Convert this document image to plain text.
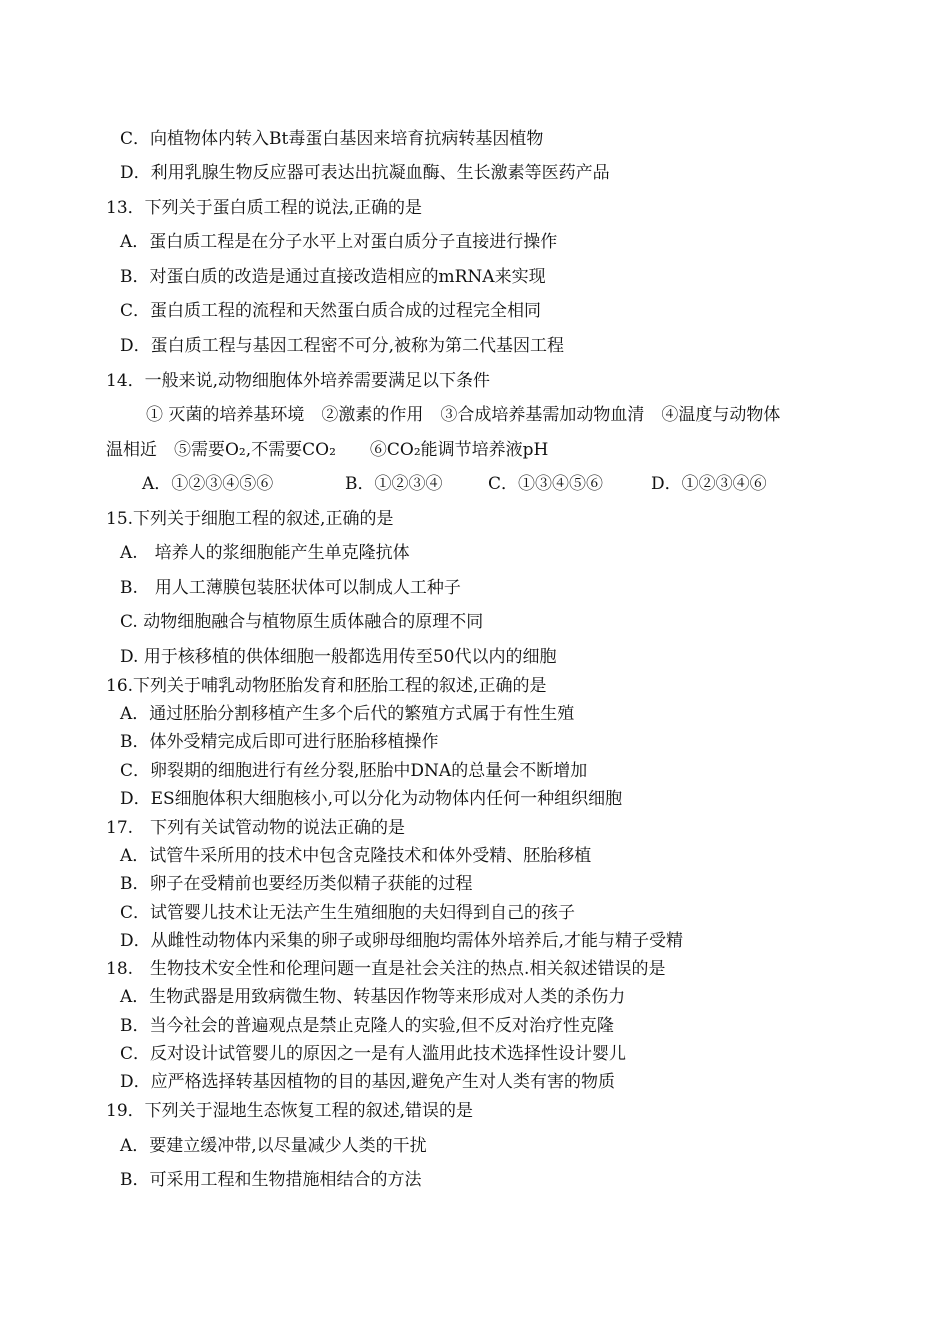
C．向植物体内转入Bt毒蛋白基因来培育抗病转基因植物
D．利用乳腺生物反应器可表达出抗凝血酶、生长激素等医药产品
13．下列关于蛋白质工程的说法,正确的是
A．蛋白质工程是在分子水平上对蛋白质分子直接进行操作
B．对蛋白质的改造是通过直接改造相应的mRNA来实现
C．蛋白质工程的流程和天然蛋白质合成的过程完全相同
D．蛋白质工程与基因工程密不可分,被称为第二代基因工程
14．一般来说,动物细胞体外培养需要满足以下条件
① 灭菌的培养基环境　②激素的作用　③合成培养基需加动物血清　④温度与动物体
温相近　⑤需要O₂,不需要CO₂　　⑥CO₂能调节培养液pH
A．①②③④⑤⑥	B．①②③④	C．①③④⑤⑥	D．①②③④⑥
15.下列关于细胞工程的叙述,正确的是
A.　培养人的浆细胞能产生单克隆抗体
B.　用人工薄膜包装胚状体可以制成人工种子
C. 动物细胞融合与植物原生质体融合的原理不同
D. 用于核移植的供体细胞一般都选用传至50代以内的细胞
16.下列关于哺乳动物胚胎发育和胚胎工程的叙述,正确的是
A．通过胚胎分割移植产生多个后代的繁殖方式属于有性生殖
B．体外受精完成后即可进行胚胎移植操作
C．卵裂期的细胞进行有丝分裂,胚胎中DNA的总量会不断增加
D．ES细胞体积大细胞核小,可以分化为动物体内任何一种组织细胞
17.　下列有关试管动物的说法正确的是
A．试管牛采所用的技术中包含克隆技术和体外受精、胚胎移植
B．卵子在受精前也要经历类似精子获能的过程
C．试管婴儿技术让无法产生生殖细胞的夫妇得到自己的孩子
D．从雌性动物体内采集的卵子或卵母细胞均需体外培养后,才能与精子受精
18.　生物技术安全性和伦理问题一直是社会关注的热点.相关叙述错误的是
A．生物武器是用致病微生物、转基因作物等来形成对人类的杀伤力
B．当今社会的普遍观点是禁止克隆人的实验,但不反对治疗性克隆
C．反对设计试管婴儿的原因之一是有人滥用此技术选择性设计婴儿
D．应严格选择转基因植物的目的基因,避免产生对人类有害的物质
19．下列关于湿地生态恢复工程的叙述,错误的是
A．要建立缓冲带,以尽量减少人类的干扰
B．可采用工程和生物措施相结合的方法
